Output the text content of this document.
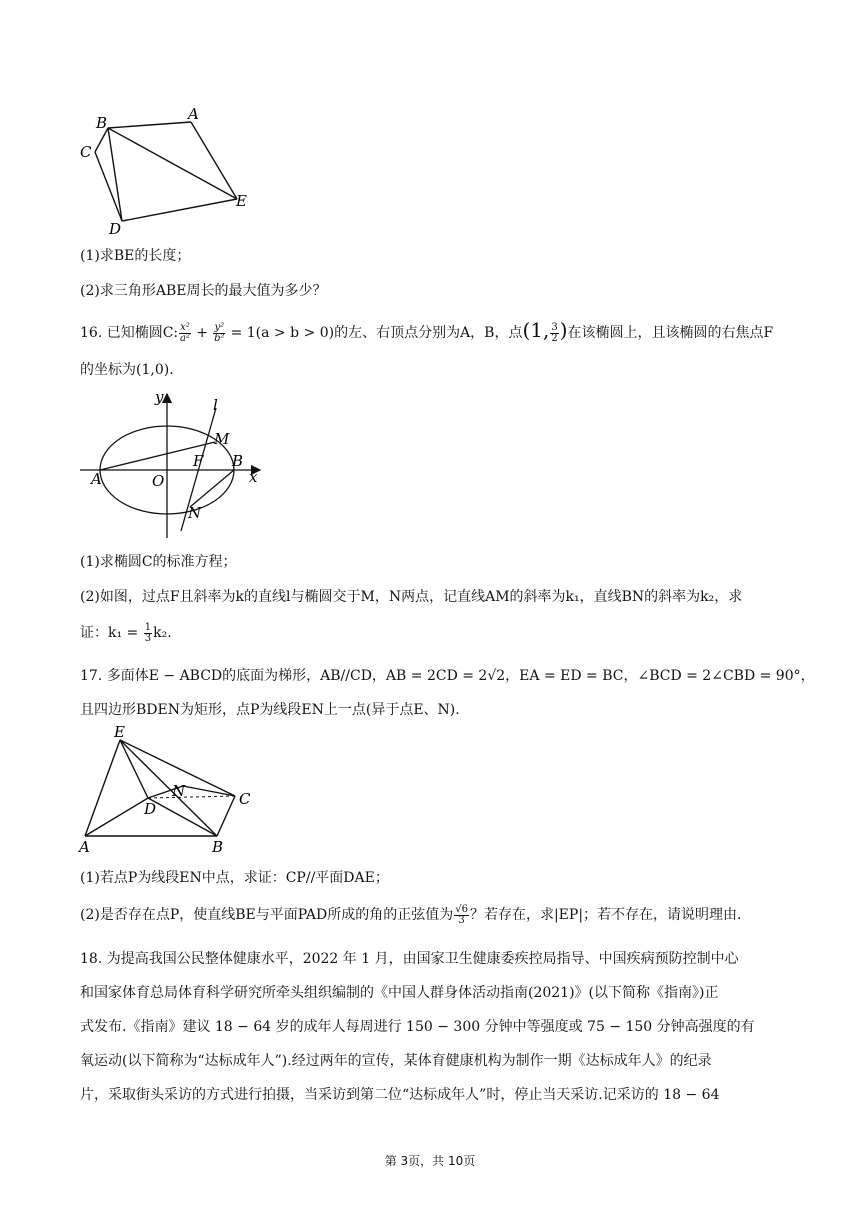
B	A
C
D
E
(1)求BE的长度；
(2)求三角形ABE周长的最大值为多少？
16. 已知椭圆C: $\frac{\text{x²}}{\text{a²}} + \frac{\text{y²}}{\text{b²}} = 1(a > b > 0)$的左、右顶点分别为A，B，点(1, $\frac{3}{2}$ )在该椭圆上，且该椭圆的右焦点F
的坐标为(1,0).
y	l
M
F B
x
A	O
N
(1)求椭圆C的标准方程；
(2)如图，过点F且斜率为k的直线l与椭圆交于M，N两点，记直线AM的斜率为k₁，直线BN的斜率为k₂，求
证：$k_1 = \frac{1}{3} k_2$.
17. 多面体E − ABCD的底面为梯形，AB//CD，AB = 2CD = 2√2，EA = ED = BC，∠BCD = 2∠CBD = 90°，
且四边形BDEN为矩形，点P为线段EN上一点(异于点E、N).
E
N	C
D
A	B
(1)若点P为线段EN中点，求证：CP//平面DAE；
(2)是否存在点P，使直线BE与平面PAD所成的角的正弦值为 $\frac{√6}{3}$ ？若存在，求|EP|；若不存在，请说明理由.
18. 为提高我国公民整体健康水平，2022 年 1 月，由国家卫生健康委疾控局指导、中国疾病预防控制中心
和国家体育总局体育科学研究所牵头组织编制的《中国人群身体活动指南(2021)》(以下简称《指南》)正
式发布.《指南》建议 18 − 64 岁的成年人每周进行 150 − 300 分钟中等强度或 75 − 150 分钟高强度的有
氧运动(以下简称为“达标成年人”).经过两年的宣传，某体育健康机构为制作一期《达标成年人》的纪录
片，采取街头采访的方式进行拍摄，当采访到第二位“达标成年人”时，停止当天采访.记采访的 18 − 64
第 3页，共 10页
